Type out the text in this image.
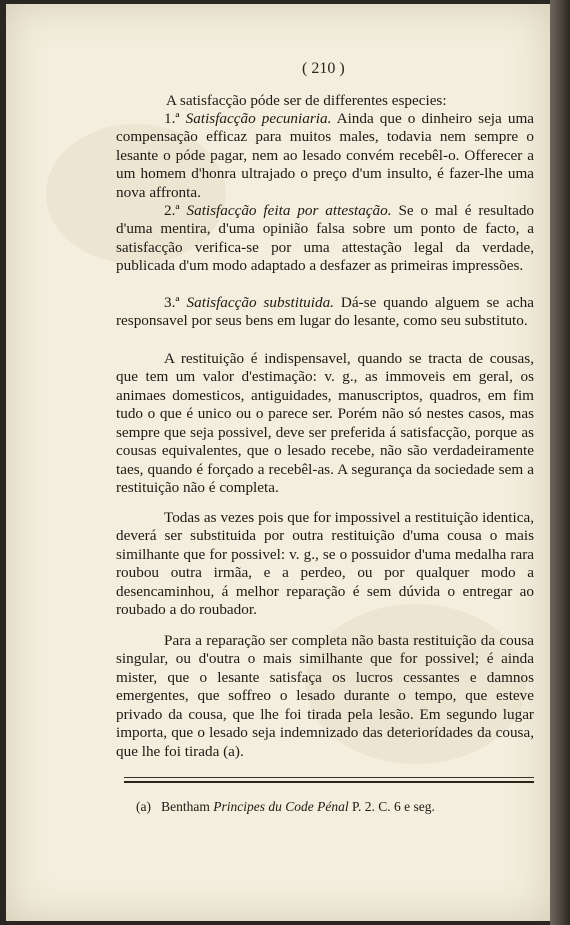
( 210 )
A satisfacção póde ser de differentes especies:

1.ª Satisfacção pecuniaria. Ainda que o dinheiro seja uma compensação efficaz para muitos males, todavia nem sempre o lesante o póde pagar, nem ao lesado convém recebêl-o. Offerecer a um homem d'honra ultrajado o preço d'um insulto, é fazer-lhe uma nova affronta.

2.ª Satisfacção feita por attestação. Se o mal é resultado d'uma mentira, d'uma opinião falsa sobre um ponto de facto, a satisfacção verifica-se por uma attestação legal da verdade, publicada d'um modo adaptado a desfazer as primeiras impressões.

3.ª Satisfacção substituida. Dá-se quando alguem se acha responsavel por seus bens em lugar do lesante, como seu substituto.

A restituição é indispensavel, quando se tracta de cousas, que tem um valor d'estimação: v. g., as immoveis em geral, os animaes domesticos, antiguidades, manuscriptos, quadros, em fim tudo o que é unico ou o parece ser. Porém não só nestes casos, mas sempre que seja possivel, deve ser preferida á satisfacção, porque as cousas equivalentes, que o lesado recebe, não são verdadeiramente taes, quando é forçado a recebêl-as. A segurança da sociedade sem a restituição não é completa.

Todas as vezes pois que for impossivel a restituição identica, deverá ser substituida por outra restituição d'uma cousa o mais similhante que for possivel: v. g., se o possuidor d'uma medalha rara roubou outra irmãa, e a perdeo, ou por qualquer modo a desencaminhou, á melhor reparação é sem dúvida o entregar ao roubado a do roubador.

Para a reparação ser completa não basta restituição da cousa singular, ou d'outra o mais similhante que for possivel; é ainda mister, que o lesante satisfaça os lucros cessantes e damnos emergentes, que soffreo o lesado durante o tempo, que esteve privado da cousa, que lhe foi tirada pela lesão. Em segundo lugar importa, que o lesado seja indemnizado das deteriorídades da cousa, que lhe foi tirada (a).

(a) Bentham Principes du Code Pénal P. 2. C. 6 e seg.
